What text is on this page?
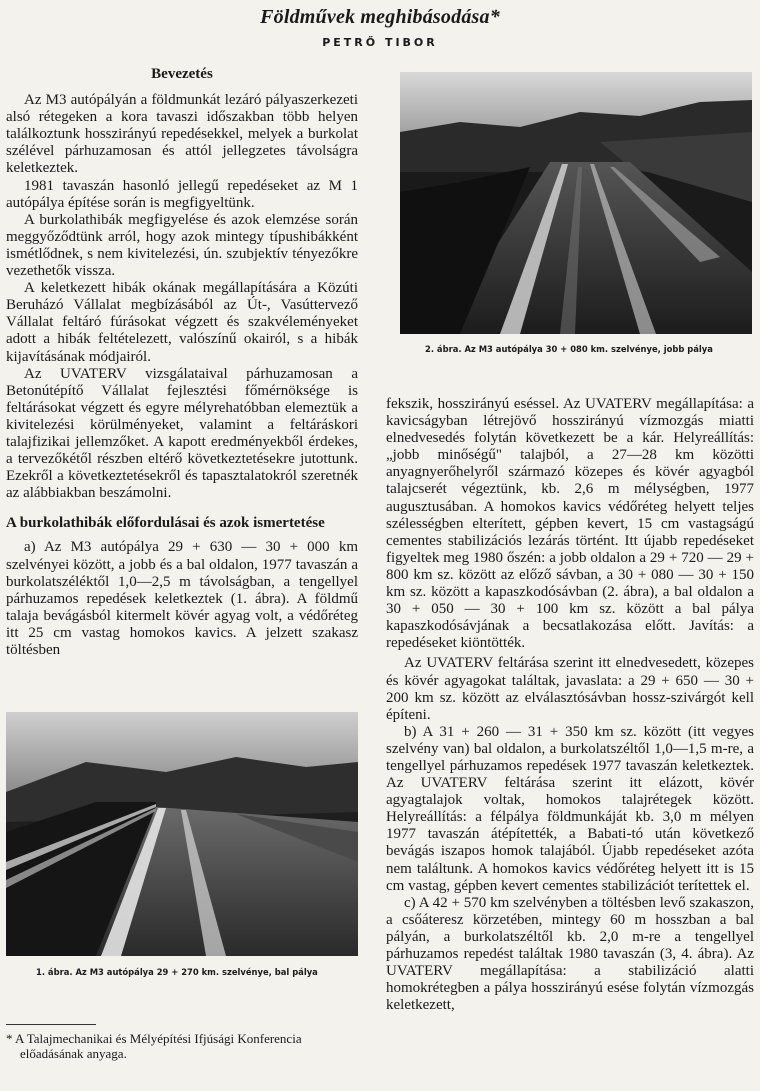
Földművek meghibásodása*
PETRŐ TIBOR
Bevezetés

Az M3 autópályán a földmunkát lezáró pályaszerkezeti alsó rétegeken a kora tavaszi időszakban több helyen találkoztunk hosszirányú repedésekkel, melyek a burkolat szélével párhuzamosan és attól jellegzetes távolságra keletkeztek.

1981 tavaszán hasonló jellegű repedéseket az M 1 autópálya építése során is megfigyeltünk.

A burkolathibák megfigyelése és azok elemzése során meggyőződtünk arról, hogy azok mintegy típushibákként ismétlődnek, s nem kivitelezési, ún. szubjektív tényezőkre vezethetők vissza.

A keletkezett hibák okának megállapítására a Közúti Beruházó Vállalat megbízásából az Út-, Vasúttervező Vállalat feltáró fúrásokat végzett és szakvéleményeket adott a hibák feltételezett, valószínű okairól, s a hibák kijavításának módjairól.

Az UVATERV vizsgálataival párhuzamosan a Betonútépítő Vállalat fejlesztési főmérnöksége is feltárásokat végzett és egyre mélyrehatóbban elemeztük a kivitelezési körülményeket, valamint a feltáráskori talajfizikai jellemzőket. A kapott eredményekből érdekes, a tervezőkétől részben eltérő következtetésekre jutottunk. Ezekről a következtetésekről és tapasztalatokról szeretnék az alábbiakban beszámolni.

A burkolathibák előfordulásai és azok ismertetése

a) Az M3 autópálya 29 + 630 — 30 + 000 km szelvényei között, a jobb és a bal oldalon, 1977 tavaszán a burkolatszéléktől 1,0—2,5 m távolságban, a tengellyel párhuzamos repedések keletkeztek (1. ábra). A földmű talaja bevágásból kitermelt kövér agyag volt, a védőréteg itt 25 cm vastag homokos kavics. A jelzett szakasz töltésben

2. ábra. Az M3 autópálya 30 + 080 km. szelvénye, jobb pálya

fekszik, hosszirányú eséssel. Az UVATERV megállapítása: a kavicságyban létrejövő hosszirányú vízmozgás miatti elnedvesedés folytán következett be a kár. Helyreállítás: „jobb minőségű" talajból, a 27—28 km közötti anyagnyerőhelyről származó közepes és kövér agyagból talajcserét végeztünk, kb. 2,6 m mélységben, 1977 augusztusában. A homokos kavics védőréteg helyett teljes szélességben elterített, gépben kevert, 15 cm vastagságú cementes stabilizációs lezárás történt. Itt újabb repedéseket figyeltek meg 1980 őszén: a jobb oldalon a 29 + 720 — 29 + 800 km sz. között az előző sávban, a 30 + 080 — 30 + 150 km sz. között a kapaszkodósávban (2. ábra), a bal oldalon a 30 + 050 — 30 + 100 km sz. között a bal pálya kapaszkodósávjának a becsatlakozása előtt. Javítás: a repedéseket kiöntötték.

Az UVATERV feltárása szerint itt elnedvesedett, közepes és kövér agyagokat találtak, javaslata: a 29 + 650 — 30 + 200 km sz. között az elválasztósávban hossz-szivárgót kell építeni.

b) A 31 + 260 — 31 + 350 km sz. között (itt vegyes szelvény van) bal oldalon, a burkolatszéltől 1,0—1,5 m-re, a tengellyel párhuzamos repedések 1977 tavaszán keletkeztek. Az UVATERV feltárása szerint itt elázott, kövér agyagtalajok voltak, homokos talajrétegek között. Helyreállítás: a félpálya földmunkáját kb. 3,0 m mélyen 1977 tavaszán átépítették, a Babati-tó után következő bevágás iszapos homok talajából. Újabb repedéseket azóta nem találtunk. A homokos kavics védőréteg helyett itt is 15 cm vastag, gépben kevert cementes stabilizációt terítettek el.

c) A 42 + 570 km szelvényben a töltésben levő szakaszon, a csőáteresz körzetében, mintegy 60 m hosszban a bal pályán, a burkolatszéltől kb. 2,0 m-re a tengellyel párhuzamos repedést találtak 1980 tavaszán (3, 4. ábra). Az UVATERV megállapítása: a stabilizáció alatti homokrétegben a pálya hosszirányú esése folytán vízmozgás keletkezett,

1. ábra. Az M3 autópálya 29 + 270 km. szelvénye, bal pálya
* A Talajmechanikai és Mélyépítési Ifjúsági Konferencia
előadásának anyaga.
